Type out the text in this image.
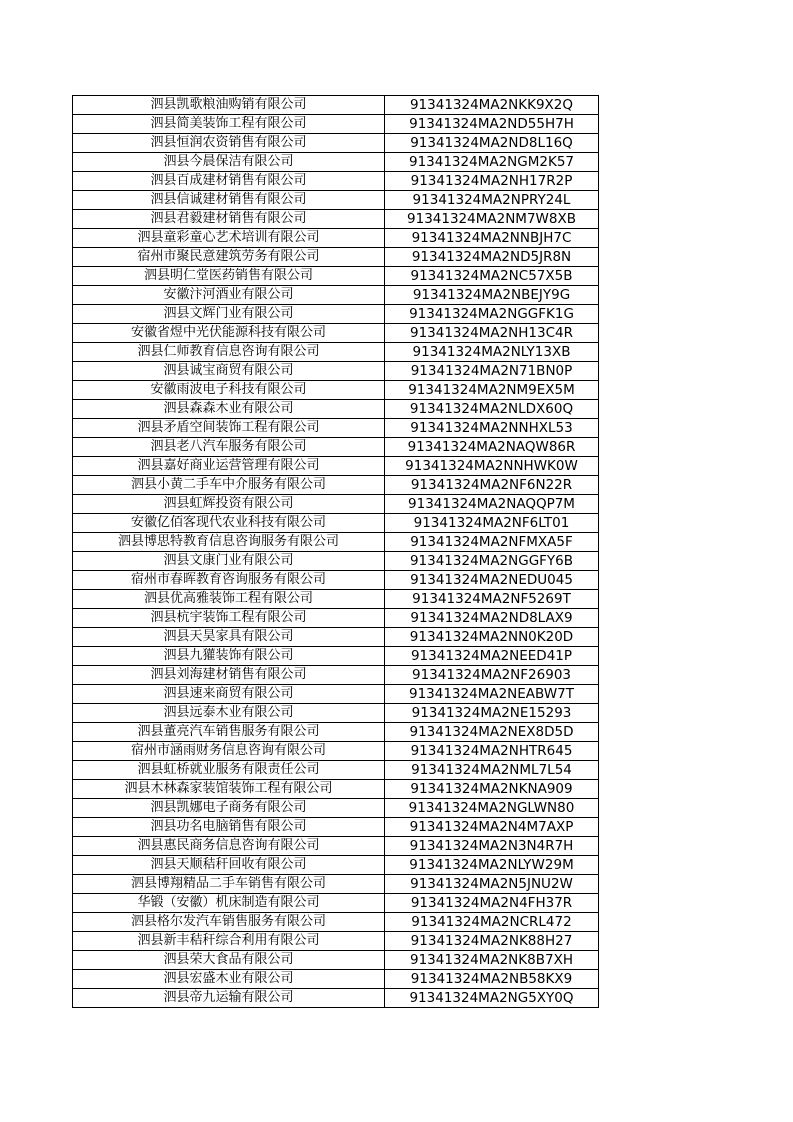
泗县凯歌粮油购销有限公司	91341324MA2NKK9X2Q
泗县简美装饰工程有限公司	91341324MA2ND55H7H
泗县恒润农资销售有限公司	91341324MA2ND8L16Q
泗县今晨保洁有限公司	91341324MA2NGM2K57
泗县百成建材销售有限公司	91341324MA2NH17R2P
泗县信诚建材销售有限公司	91341324MA2NPRY24L
泗县君毅建材销售有限公司	91341324MA2NM7W8XB
泗县童彩童心艺术培训有限公司	91341324MA2NNBJH7C
宿州市聚民意建筑劳务有限公司	91341324MA2ND5JR8N
泗县明仁堂医药销售有限公司	91341324MA2NC57X5B
安徽汴河酒业有限公司	91341324MA2NBEJY9G
泗县文辉门业有限公司	91341324MA2NGGFK1G
安徽省煜中光伏能源科技有限公司	91341324MA2NH13C4R
泗县仁师教育信息咨询有限公司	91341324MA2NLY13XB
泗县诚宝商贸有限公司	91341324MA2N71BN0P
安徽雨波电子科技有限公司	91341324MA2NM9EX5M
泗县森森木业有限公司	91341324MA2NLDX60Q
泗县矛盾空间装饰工程有限公司	91341324MA2NNHXL53
泗县老八汽车服务有限公司	91341324MA2NAQW86R
泗县嘉好商业运营管理有限公司	91341324MA2NNHWK0W
泗县小黄二手车中介服务有限公司	91341324MA2NF6N22R
泗县虹辉投资有限公司	91341324MA2NAQQP7M
安徽亿佰客现代农业科技有限公司	91341324MA2NF6LT01
泗县博思特教育信息咨询服务有限公司	91341324MA2NFMXA5F
泗县文康门业有限公司	91341324MA2NGGFY6B
宿州市春晖教育咨询服务有限公司	91341324MA2NEDU045
泗县优高雅装饰工程有限公司	91341324MA2NF5269T
泗县杭宇装饰工程有限公司	91341324MA2ND8LAX9
泗县天昊家具有限公司	91341324MA2NN0K20D
泗县九獾装饰有限公司	91341324MA2NEED41P
泗县刘海建材销售有限公司	91341324MA2NF26903
泗县速来商贸有限公司	91341324MA2NEABW7T
泗县远泰木业有限公司	91341324MA2NE15293
泗县董亮汽车销售服务有限公司	91341324MA2NEX8D5D
宿州市涵雨财务信息咨询有限公司	91341324MA2NHTR645
泗县虹桥就业服务有限责任公司	91341324MA2NML7L54
泗县木林森家装馆装饰工程有限公司	91341324MA2NKNA909
泗县凯娜电子商务有限公司	91341324MA2NGLWN80
泗县功名电脑销售有限公司	91341324MA2N4M7AXP
泗县惠民商务信息咨询有限公司	91341324MA2N3N4R7H
泗县天顺秸秆回收有限公司	91341324MA2NLYW29M
泗县博翔精品二手车销售有限公司	91341324MA2N5JNU2W
华锻（安徽）机床制造有限公司	91341324MA2N4FH37R
泗县格尔发汽车销售服务有限公司	91341324MA2NCRL472
泗县新丰秸秆综合利用有限公司	91341324MA2NK88H27
泗县荣大食品有限公司	91341324MA2NK8B7XH
泗县宏盛木业有限公司	91341324MA2NB58KX9
泗县帝九运输有限公司	91341324MA2NG5XY0Q
